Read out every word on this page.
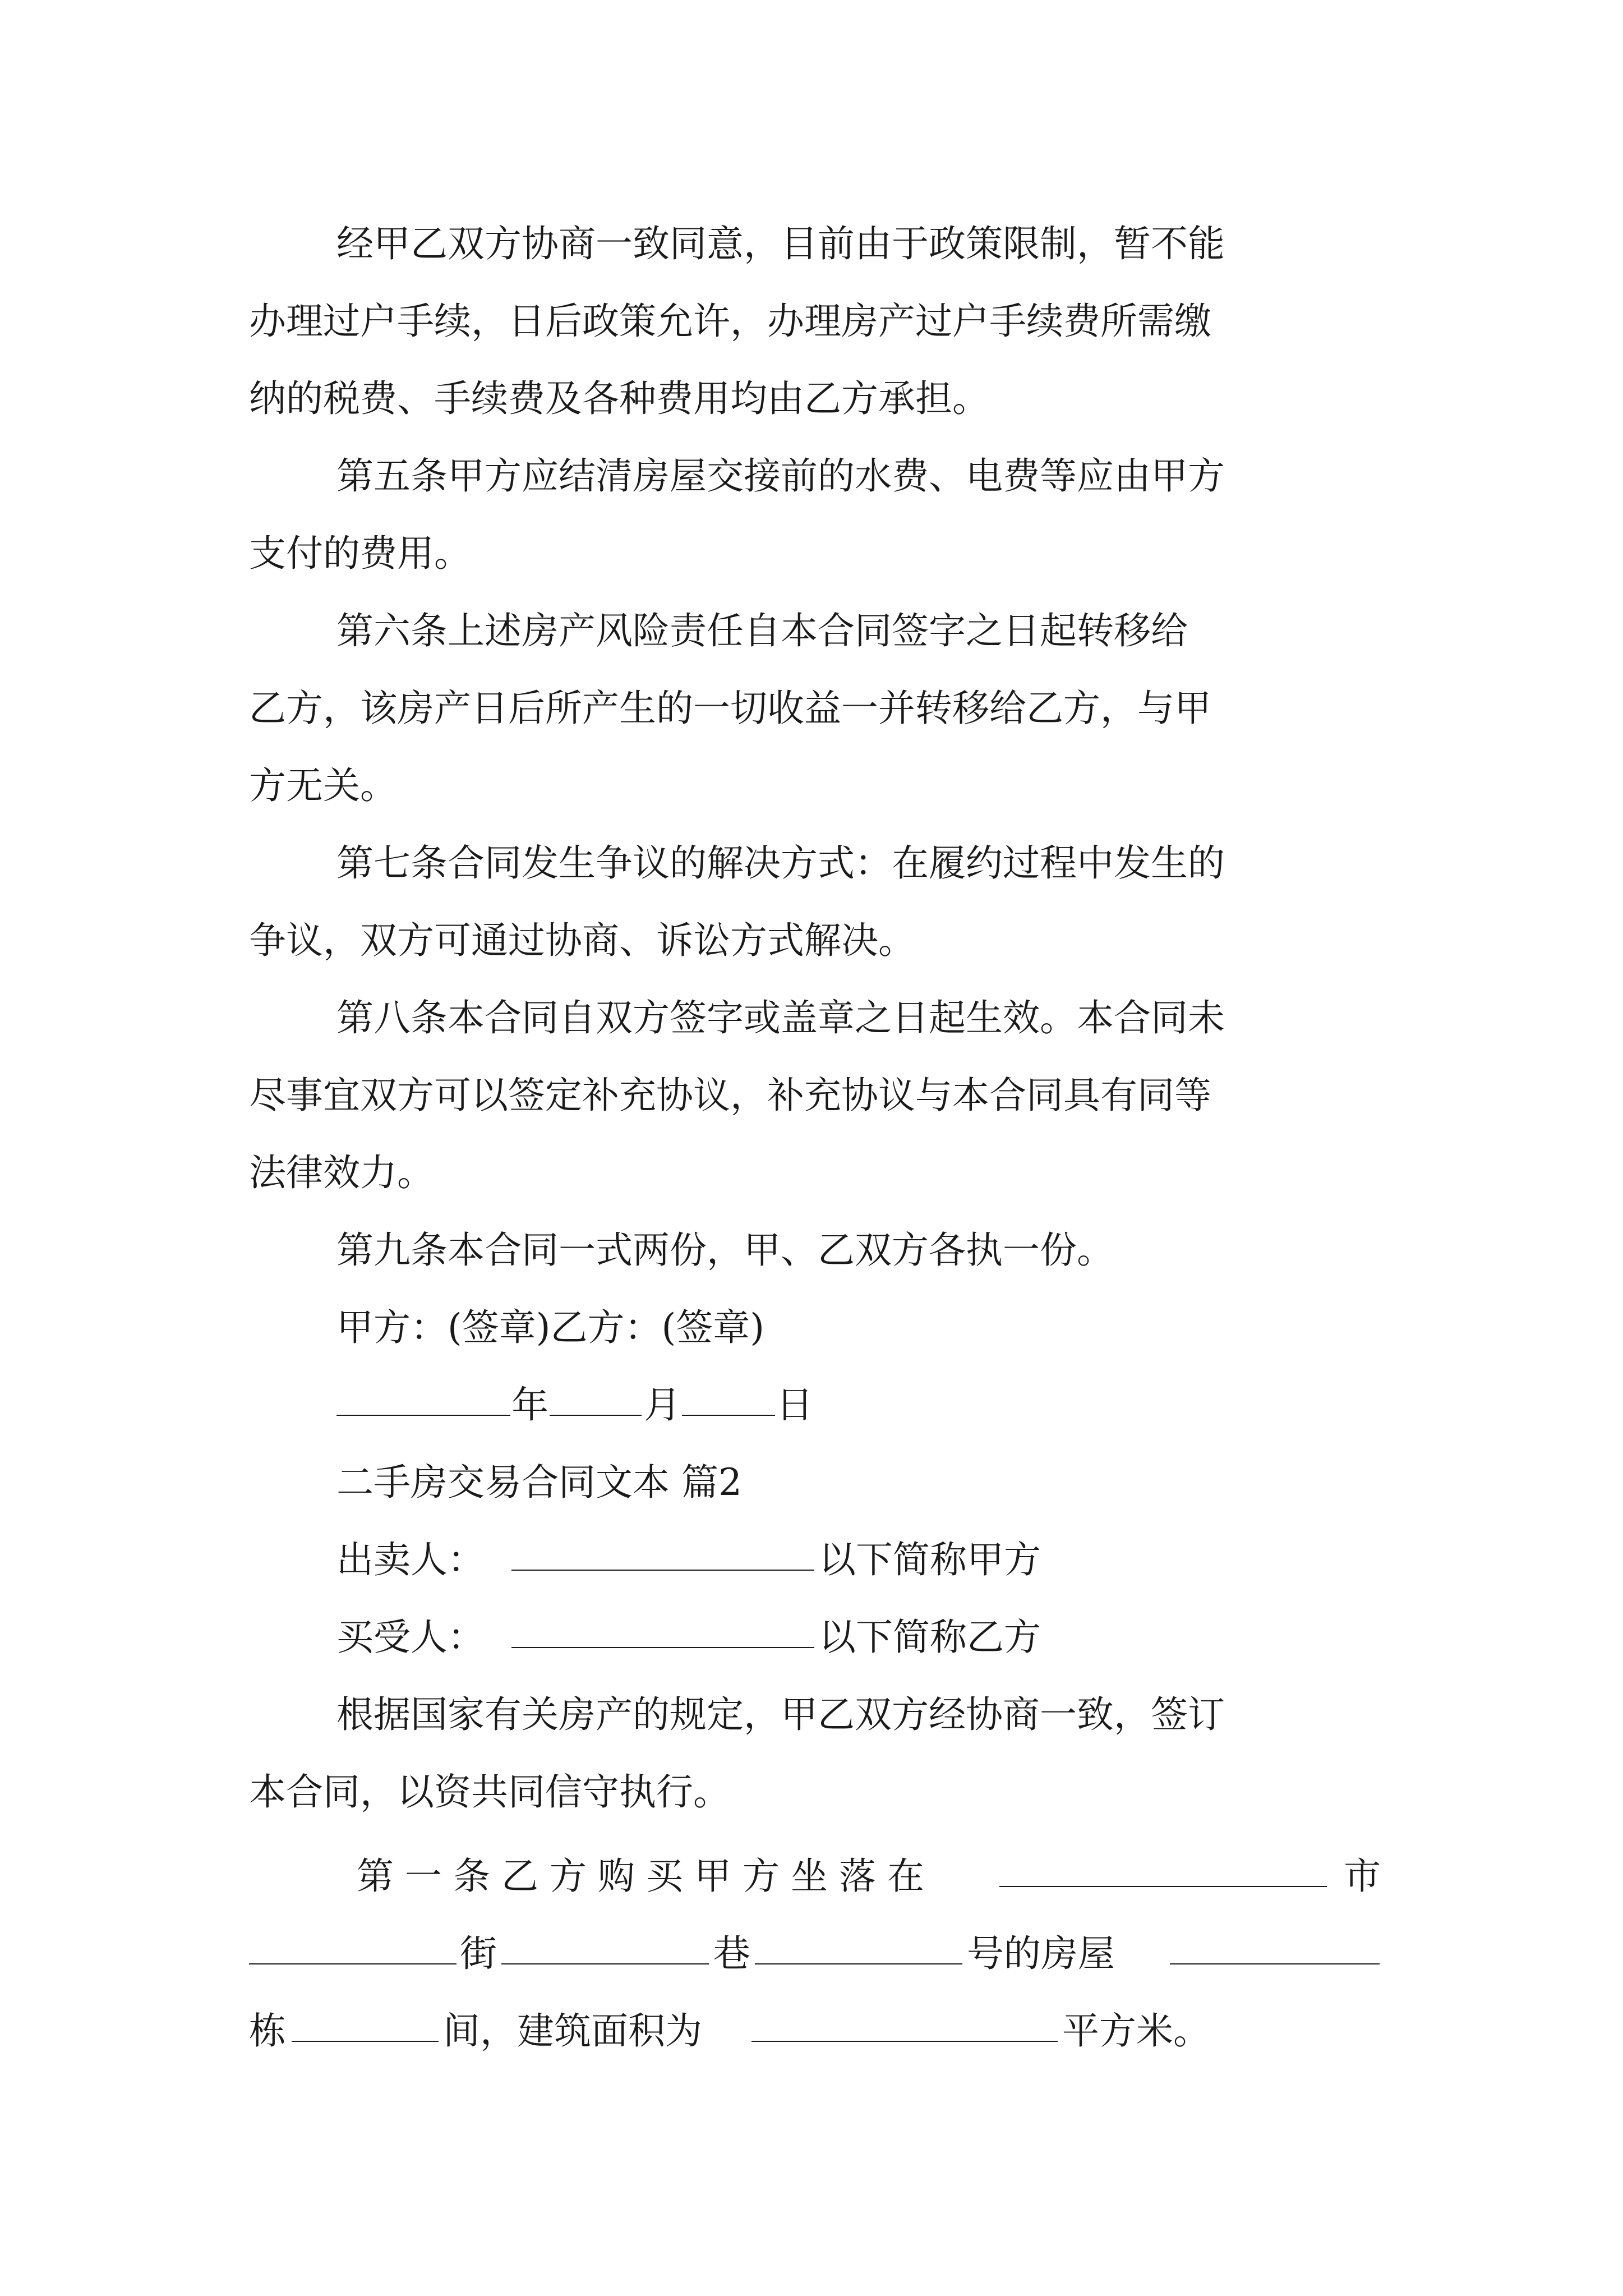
经甲乙双方协商一致同意，目前由于政策限制，暂不能
办理过户手续，日后政策允许，办理房产过户手续费所需缴
纳的税费、手续费及各种费用均由乙方承担。
第五条甲方应结清房屋交接前的水费、电费等应由甲方
支付的费用。
第六条上述房产风险责任自本合同签字之日起转移给
乙方，该房产日后所产生的一切收益一并转移给乙方，与甲
方无关。
第七条合同发生争议的解决方式：在履约过程中发生的
争议，双方可通过协商、诉讼方式解决。
第八条本合同自双方签字或盖章之日起生效。本合同未
尽事宜双方可以签定补充协议，补充协议与本合同具有同等
法律效力。
第九条本合同一式两份，甲、乙双方各执一份。
甲方：(签章)乙方：(签章)
年	月	日
二手房交易合同文本 篇2
出卖人：	以下简称甲方
买受人：	以下简称乙方
根据国家有关房产的规定，甲乙双方经协商一致，签订
本合同，以资共同信守执行。
第一条乙方购买甲方坐落在	市
街	巷	号的房屋
栋	间，建筑面积为	平方米。
